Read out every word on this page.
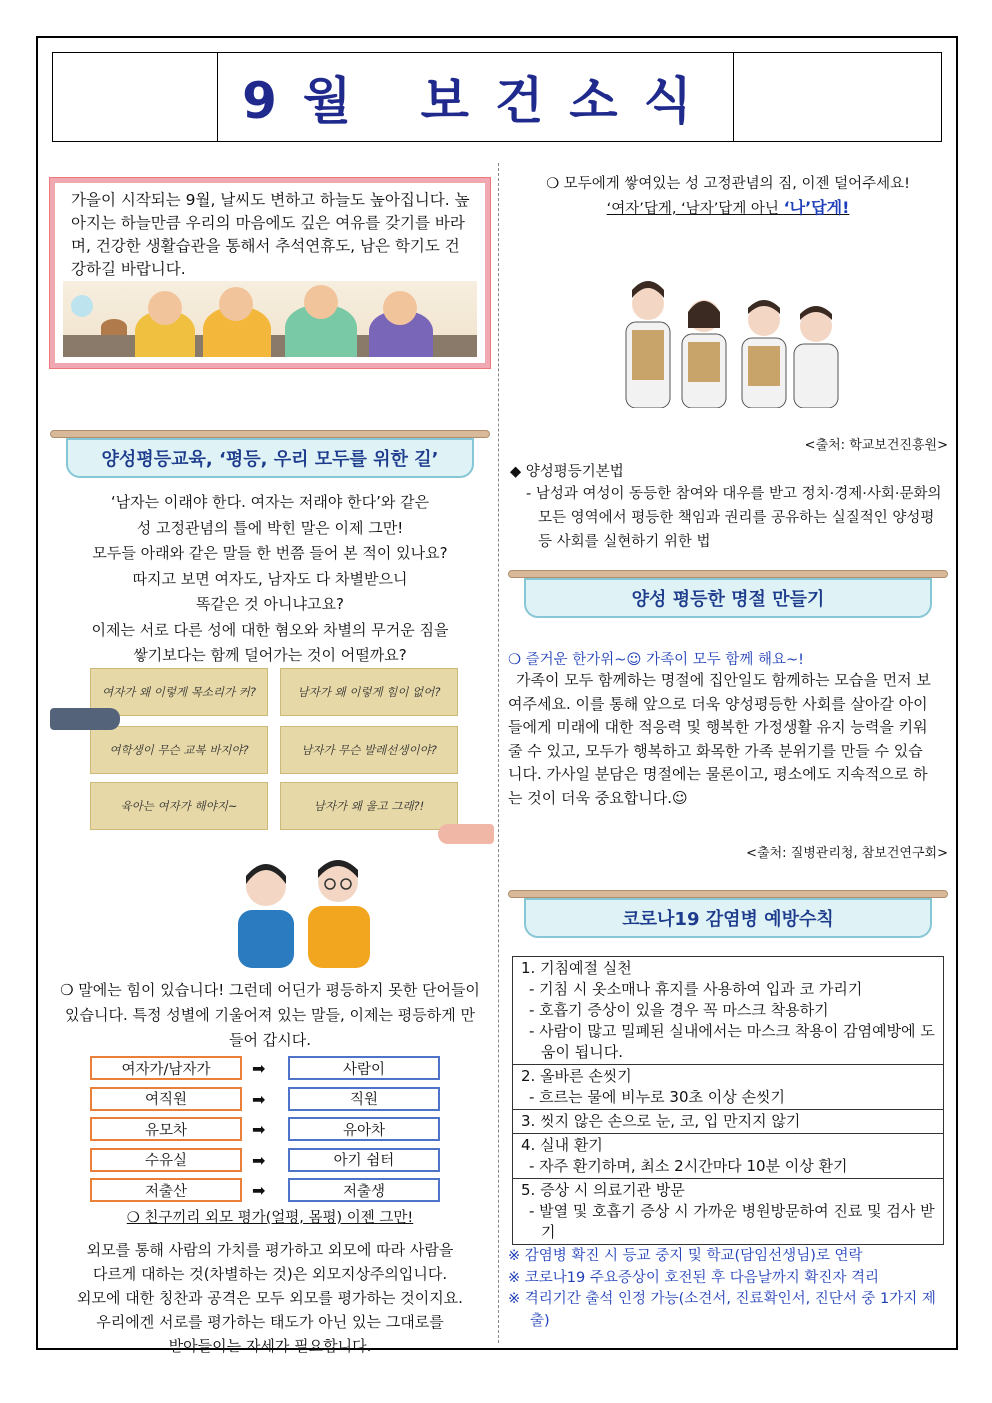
9월 보건소식

가을이 시작되는 9월, 날씨도 변하고 하늘도 높아집니다. 높아지는 하늘만큼 우리의 마음에도 깊은 여유를 갖기를 바라며, 건강한 생활습관을 통해서 추석연휴도, 남은 학기도 건강하길 바랍니다.

양성평등교육, ‘평등, 우리 모두를 위한 길’
‘남자는 이래야 한다. 여자는 저래야 한다’와 같은
성 고정관념의 틀에 박힌 말은 이제 그만!
모두들 아래와 같은 말들 한 번쯤 들어 본 적이 있나요?
따지고 보면 여자도, 남자도 다 차별받으니
똑같은 것 아니냐고요?
이제는 서로 다른 성에 대한 혐오와 차별의 무거운 짐을
쌓기보다는 함께 덜어가는 것이 어떨까요?
여자가 왜 이렇게 목소리가 커?	남자가 왜 이렇게 힘이 없어?
여학생이 무슨 교복 바지야?	남자가 무슨 발레선생이야?
육아는 여자가 해야지~	남자가 왜 울고 그래?!
❍ 말에는 힘이 있습니다! 그런데 어딘가 평등하지 못한 단어들이 있습니다. 특정 성별에 기울어져 있는 말들, 이제는 평등하게 만들어 갑시다.
여자가/남자가	➡	사람이
여직원	➡	직원
유모차	➡	유아차
수유실	➡	아기 쉼터
저출산	➡	저출생
❍ 친구끼리 외모 평가(얼평, 몸평) 이젠 그만!
외모를 통해 사람의 가치를 평가하고 외모에 따라 사람을
다르게 대하는 것(차별하는 것)은 외모지상주의입니다.
외모에 대한 칭찬과 공격은 모두 외모를 평가하는 것이지요.
우리에겐 서로를 평가하는 태도가 아닌 있는 그대로를
받아들이는 자세가 필요합니다.
❍ 모두에게 쌓여있는 성 고정관념의 짐, 이젠 덜어주세요!
‘여자’답게, ‘남자’답게 아닌 ‘나’답게!
<출처: 학교보건진흥원>
◆ 양성평등기본법
- 남성과 여성이 동등한 참여와 대우를 받고 정치·경제·사회·문화의 모든 영역에서 평등한 책임과 권리를 공유하는 실질적인 양성평등 사회를 실현하기 위한 법
양성 평등한 명절 만들기
❍ 즐거운 한가위~☺ 가족이 모두 함께 해요~!
가족이 모두 함께하는 명절에 집안일도 함께하는 모습을 먼저 보여주세요. 이를 통해 앞으로 더욱 양성평등한 사회를 살아갈 아이들에게 미래에 대한 적응력 및 행복한 가정생활 유지 능력을 키워줄 수 있고, 모두가 행복하고 화목한 가족 분위기를 만들 수 있습니다. 가사일 분담은 명절에는 물론이고, 평소에도 지속적으로 하는 것이 더욱 중요합니다.☺
<출처: 질병관리청, 참보건연구회>
코로나19 감염병 예방수칙
1. 기침예절 실천
- 기침 시 옷소매나 휴지를 사용하여 입과 코 가리기
- 호흡기 증상이 있을 경우 꼭 마스크 착용하기
- 사람이 많고 밀폐된 실내에서는 마스크 착용이 감염예방에 도움이 됩니다.
2. 올바른 손씻기
- 흐르는 물에 비누로 30초 이상 손씻기
3. 씻지 않은 손으로 눈, 코, 입 만지지 않기
4. 실내 환기
- 자주 환기하며, 최소 2시간마다 10분 이상 환기
5. 증상 시 의료기관 방문
- 발열 및 호흡기 증상 시 가까운 병원방문하여 진료 및 검사 받기
※ 감염병 확진 시 등교 중지 및 학교(담임선생님)로 연락
※ 코로나19 주요증상이 호전된 후 다음날까지 확진자 격리
※ 격리기간 출석 인정 가능(소견서, 진료확인서, 진단서 중 1가지 제출)
